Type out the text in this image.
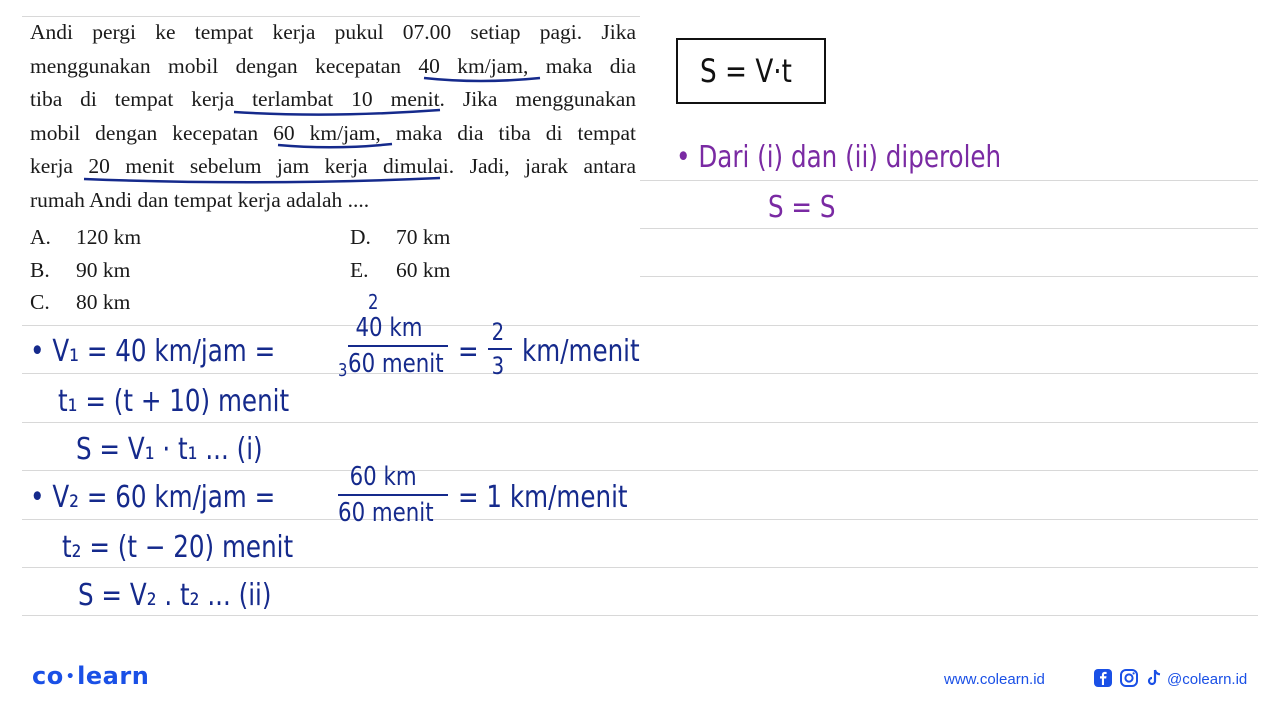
Andi pergi ke tempat kerja pukul 07.00 setiap pagi. Jika
menggunakan mobil dengan kecepatan 40 km/jam, maka dia
tiba di tempat kerja terlambat 10 menit. Jika menggunakan
mobil dengan kecepatan 60 km/jam, maka dia tiba di tempat
kerja 20 menit sebelum jam kerja dimulai. Jadi, jarak antara
rumah Andi dan tempat kerja adalah ....
A. 120 km
B. 90 km
C. 80 km
D. 70 km
E. 60 km
S = V·t
• Dari (i) dan (ii) diperoleh
S = S
• V₁ = 40 km/jam =
2
40 km
60 menit
3
=
2
3 km/menit
t₁ = (t + 10) menit
S = V₁ · t₁ ... (i)
• V₂ = 60 km/jam =
60 km
60 menit = 1 km/menit
t₂ = (t − 20) menit
S = V₂ . t₂ ... (ii)
co •learn	www.colearn.id	@colearn.id
